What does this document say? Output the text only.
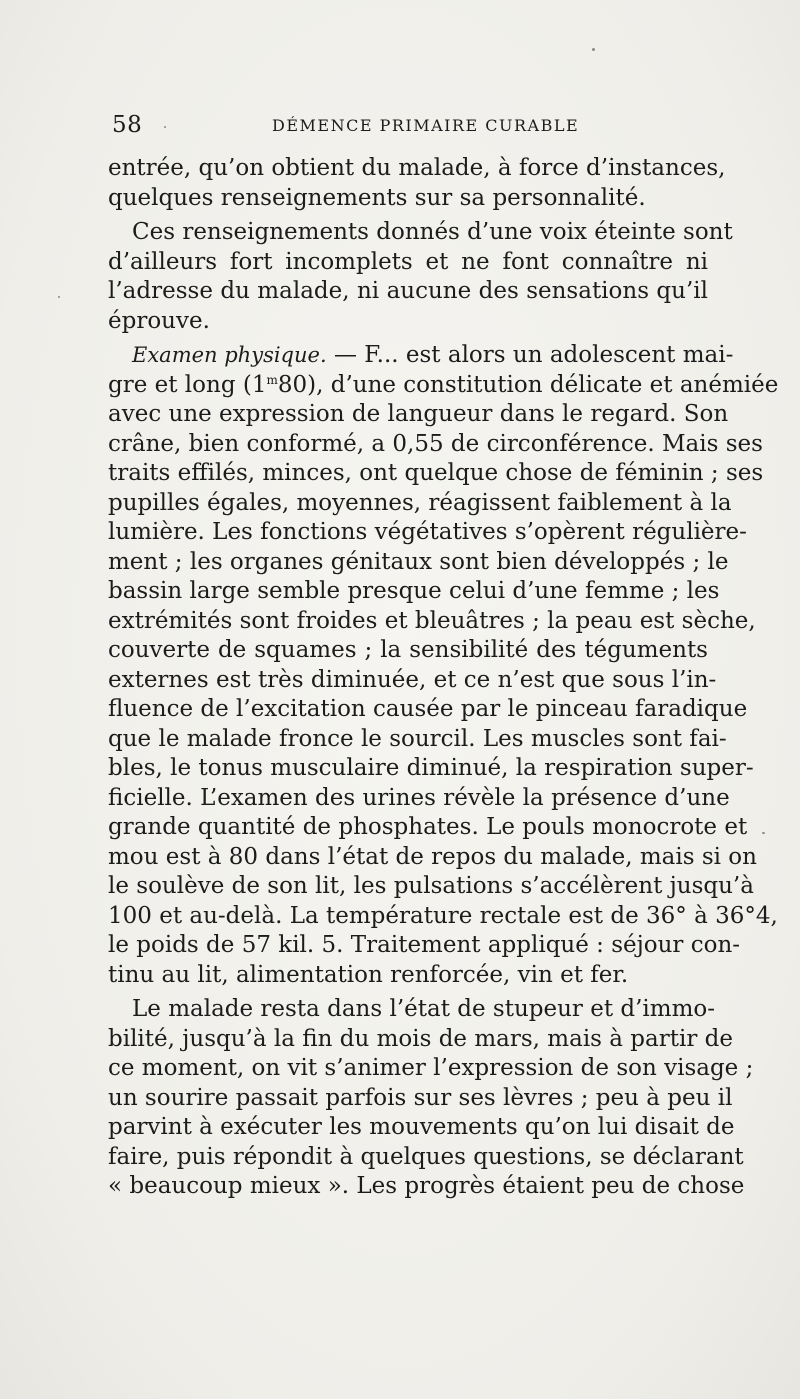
58	DÉMENCE PRIMAIRE CURABLE
entrée, qu’on obtient du malade, à force d’instances,
quelques renseignements sur sa personnalité.
Ces renseignements donnés d’une voix éteinte sont
d’ailleurs fort incomplets et ne font connaître ni
l’adresse du malade, ni aucune des sensations qu’il
éprouve.
Examen physique. — F... est alors un adolescent mai-
gre et long (1$^m$80), d’une constitution délicate et anémiée
avec une expression de langueur dans le regard. Son
crâne, bien conformé, a 0,55 de circonférence. Mais ses
traits effilés, minces, ont quelque chose de féminin ; ses
pupilles égales, moyennes, réagissent faiblement à la
lumière. Les fonctions végétatives s’opèrent régulière-
ment ; les organes génitaux sont bien développés ; le
bassin large semble presque celui d’une femme ; les
extrémités sont froides et bleuâtres ; la peau est sèche,
couverte de squames ; la sensibilité des téguments
externes est très diminuée, et ce n’est que sous l’in-
fluence de l’excitation causée par le pinceau faradique
que le malade fronce le sourcil. Les muscles sont fai-
bles, le tonus musculaire diminué, la respiration super-
ficielle. L’examen des urines révèle la présence d’une
grande quantité de phosphates. Le pouls monocrote et
mou est à 80 dans l’état de repos du malade, mais si on
le soulève de son lit, les pulsations s’accélèrent jusqu’à
100 et au-delà. La température rectale est de 36° à 36°4,
le poids de 57 kil. 5. Traitement appliqué : séjour con-
tinu au lit, alimentation renforcée, vin et fer.
Le malade resta dans l’état de stupeur et d’immo-
bilité, jusqu’à la fin du mois de mars, mais à partir de
ce moment, on vit s’animer l’expression de son visage ;
un sourire passait parfois sur ses lèvres ; peu à peu il
parvint à exécuter les mouvements qu’on lui disait de
faire, puis répondit à quelques questions, se déclarant
« beaucoup mieux ». Les progrès étaient peu de chose
